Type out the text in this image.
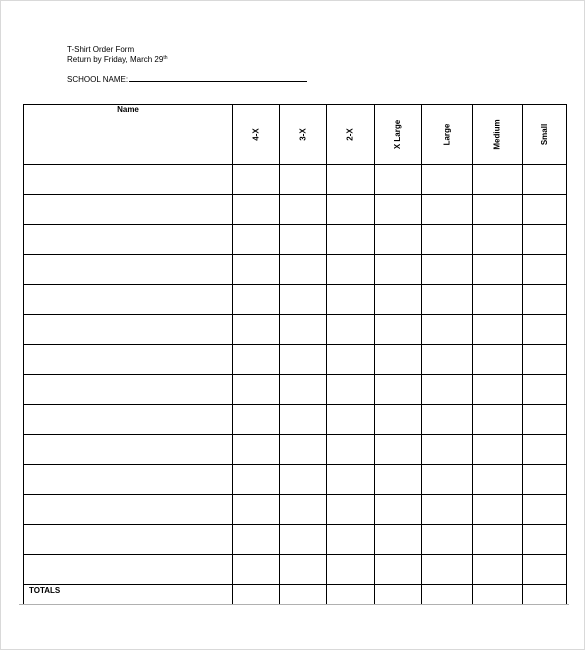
T-Shirt Order Form
Return by Friday, March 29th
SCHOOL NAME:
Name	4-X	3-X	2-X	X Large	Large	Medium	Small

TOTALS							
